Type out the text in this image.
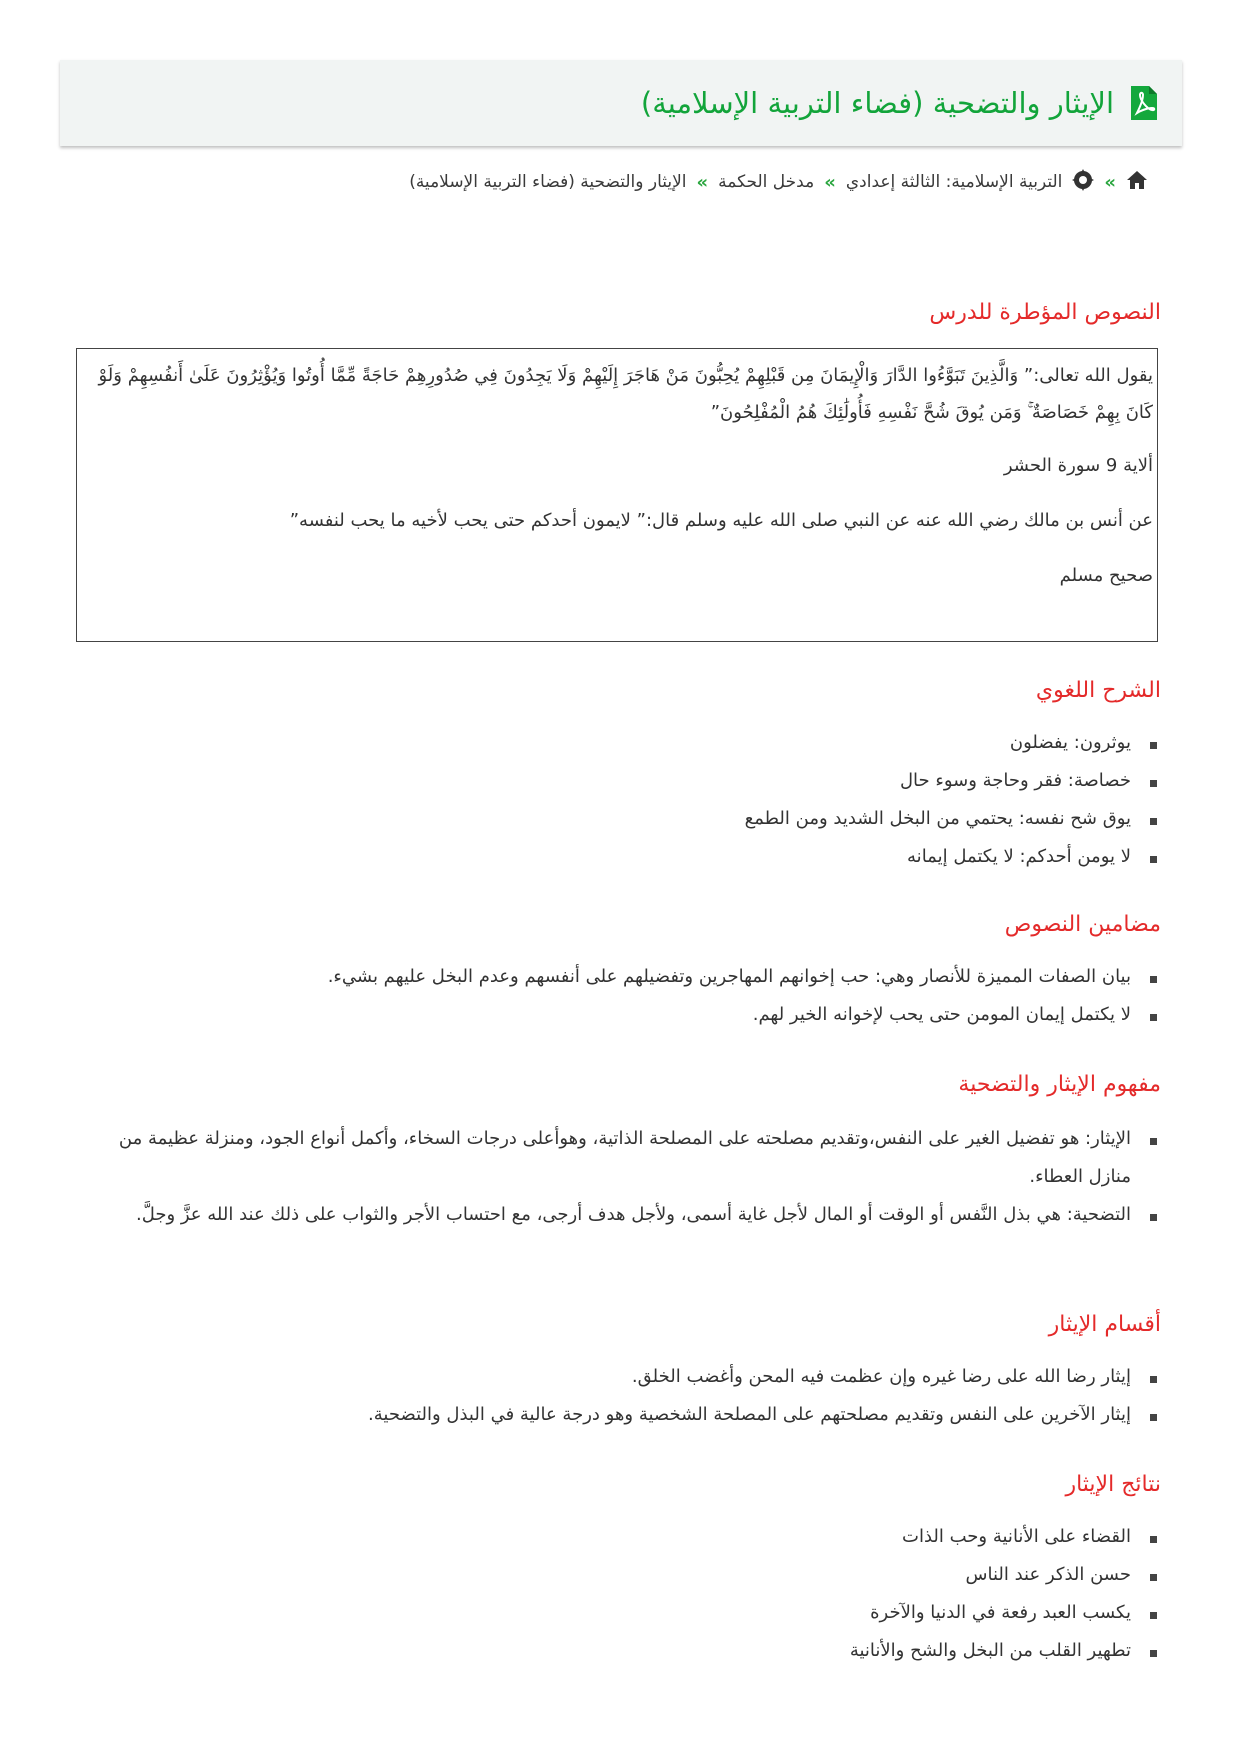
الإيثار والتضحية (فضاء التربية الإسلامية)
»
التربية الإسلامية: الثالثة إعدادي
»
مدخل الحكمة
»
الإيثار والتضحية (فضاء التربية الإسلامية)
النصوص المؤطرة للدرس

يقول الله تعالى:” وَالَّذِينَ تَبَوَّءُوا الدَّارَ وَالْإِيمَانَ مِن قَبْلِهِمْ يُحِبُّونَ مَنْ هَاجَرَ إِلَيْهِمْ وَلَا يَجِدُونَ فِي صُدُورِهِمْ حَاجَةً مِّمَّا أُوتُوا وَيُؤْثِرُونَ عَلَىٰ أَنفُسِهِمْ وَلَوْ كَانَ بِهِمْ خَصَاصَةٌ ۚ وَمَن يُوقَ شُحَّ نَفْسِهِ فَأُولَٰئِكَ هُمُ الْمُفْلِحُونَ”

ألاية 9 سورة الحشر

عن أنس بن مالك رضي الله عنه عن النبي صلى الله عليه وسلم قال:” لايمون أحدكم حتى يحب لأخيه ما يحب لنفسه”

صحيح مسلم

الشرح اللغوي
يوثرون: يفضلون
خصاصة: فقر وحاجة وسوء حال
يوق شح نفسه: يحتمي من البخل الشديد ومن الطمع
لا يومن أحدكم: لا يكتمل إيمانه
مضامين النصوص
بيان الصفات المميزة للأنصار وهي: حب إخوانهم المهاجرين وتفضيلهم على أنفسهم وعدم البخل عليهم بشيء.
لا يكتمل إيمان المومن حتى يحب لإخوانه الخير لهم.
مفهوم الإيثار والتضحية
الإيثار: هو تفضيل الغير على النفس،وتقديم مصلحته على المصلحة الذاتية، وهوأعلى درجات السخاء، وأكمل أنواع الجود، ومنزلة عظيمة من منازل العطاء.
التضحية: هي بذل النَّفس أو الوقت أو المال لأجل غاية أسمى، ولأجل هدف أرجى، مع احتساب الأجر والثواب على ذلك عند الله عزَّ وجلَّ.
أقسام الإيثار
إيثار رضا الله على رضا غيره وإن عظمت فيه المحن وأغضب الخلق.
إيثار الآخرين على النفس وتقديم مصلحتهم على المصلحة الشخصية وهو درجة عالية في البذل والتضحية.
نتائج الإيثار
القضاء على الأنانية وحب الذات
حسن الذكر عند الناس
يكسب العبد رفعة في الدنيا والآخرة
تطهير القلب من البخل والشح والأنانية
